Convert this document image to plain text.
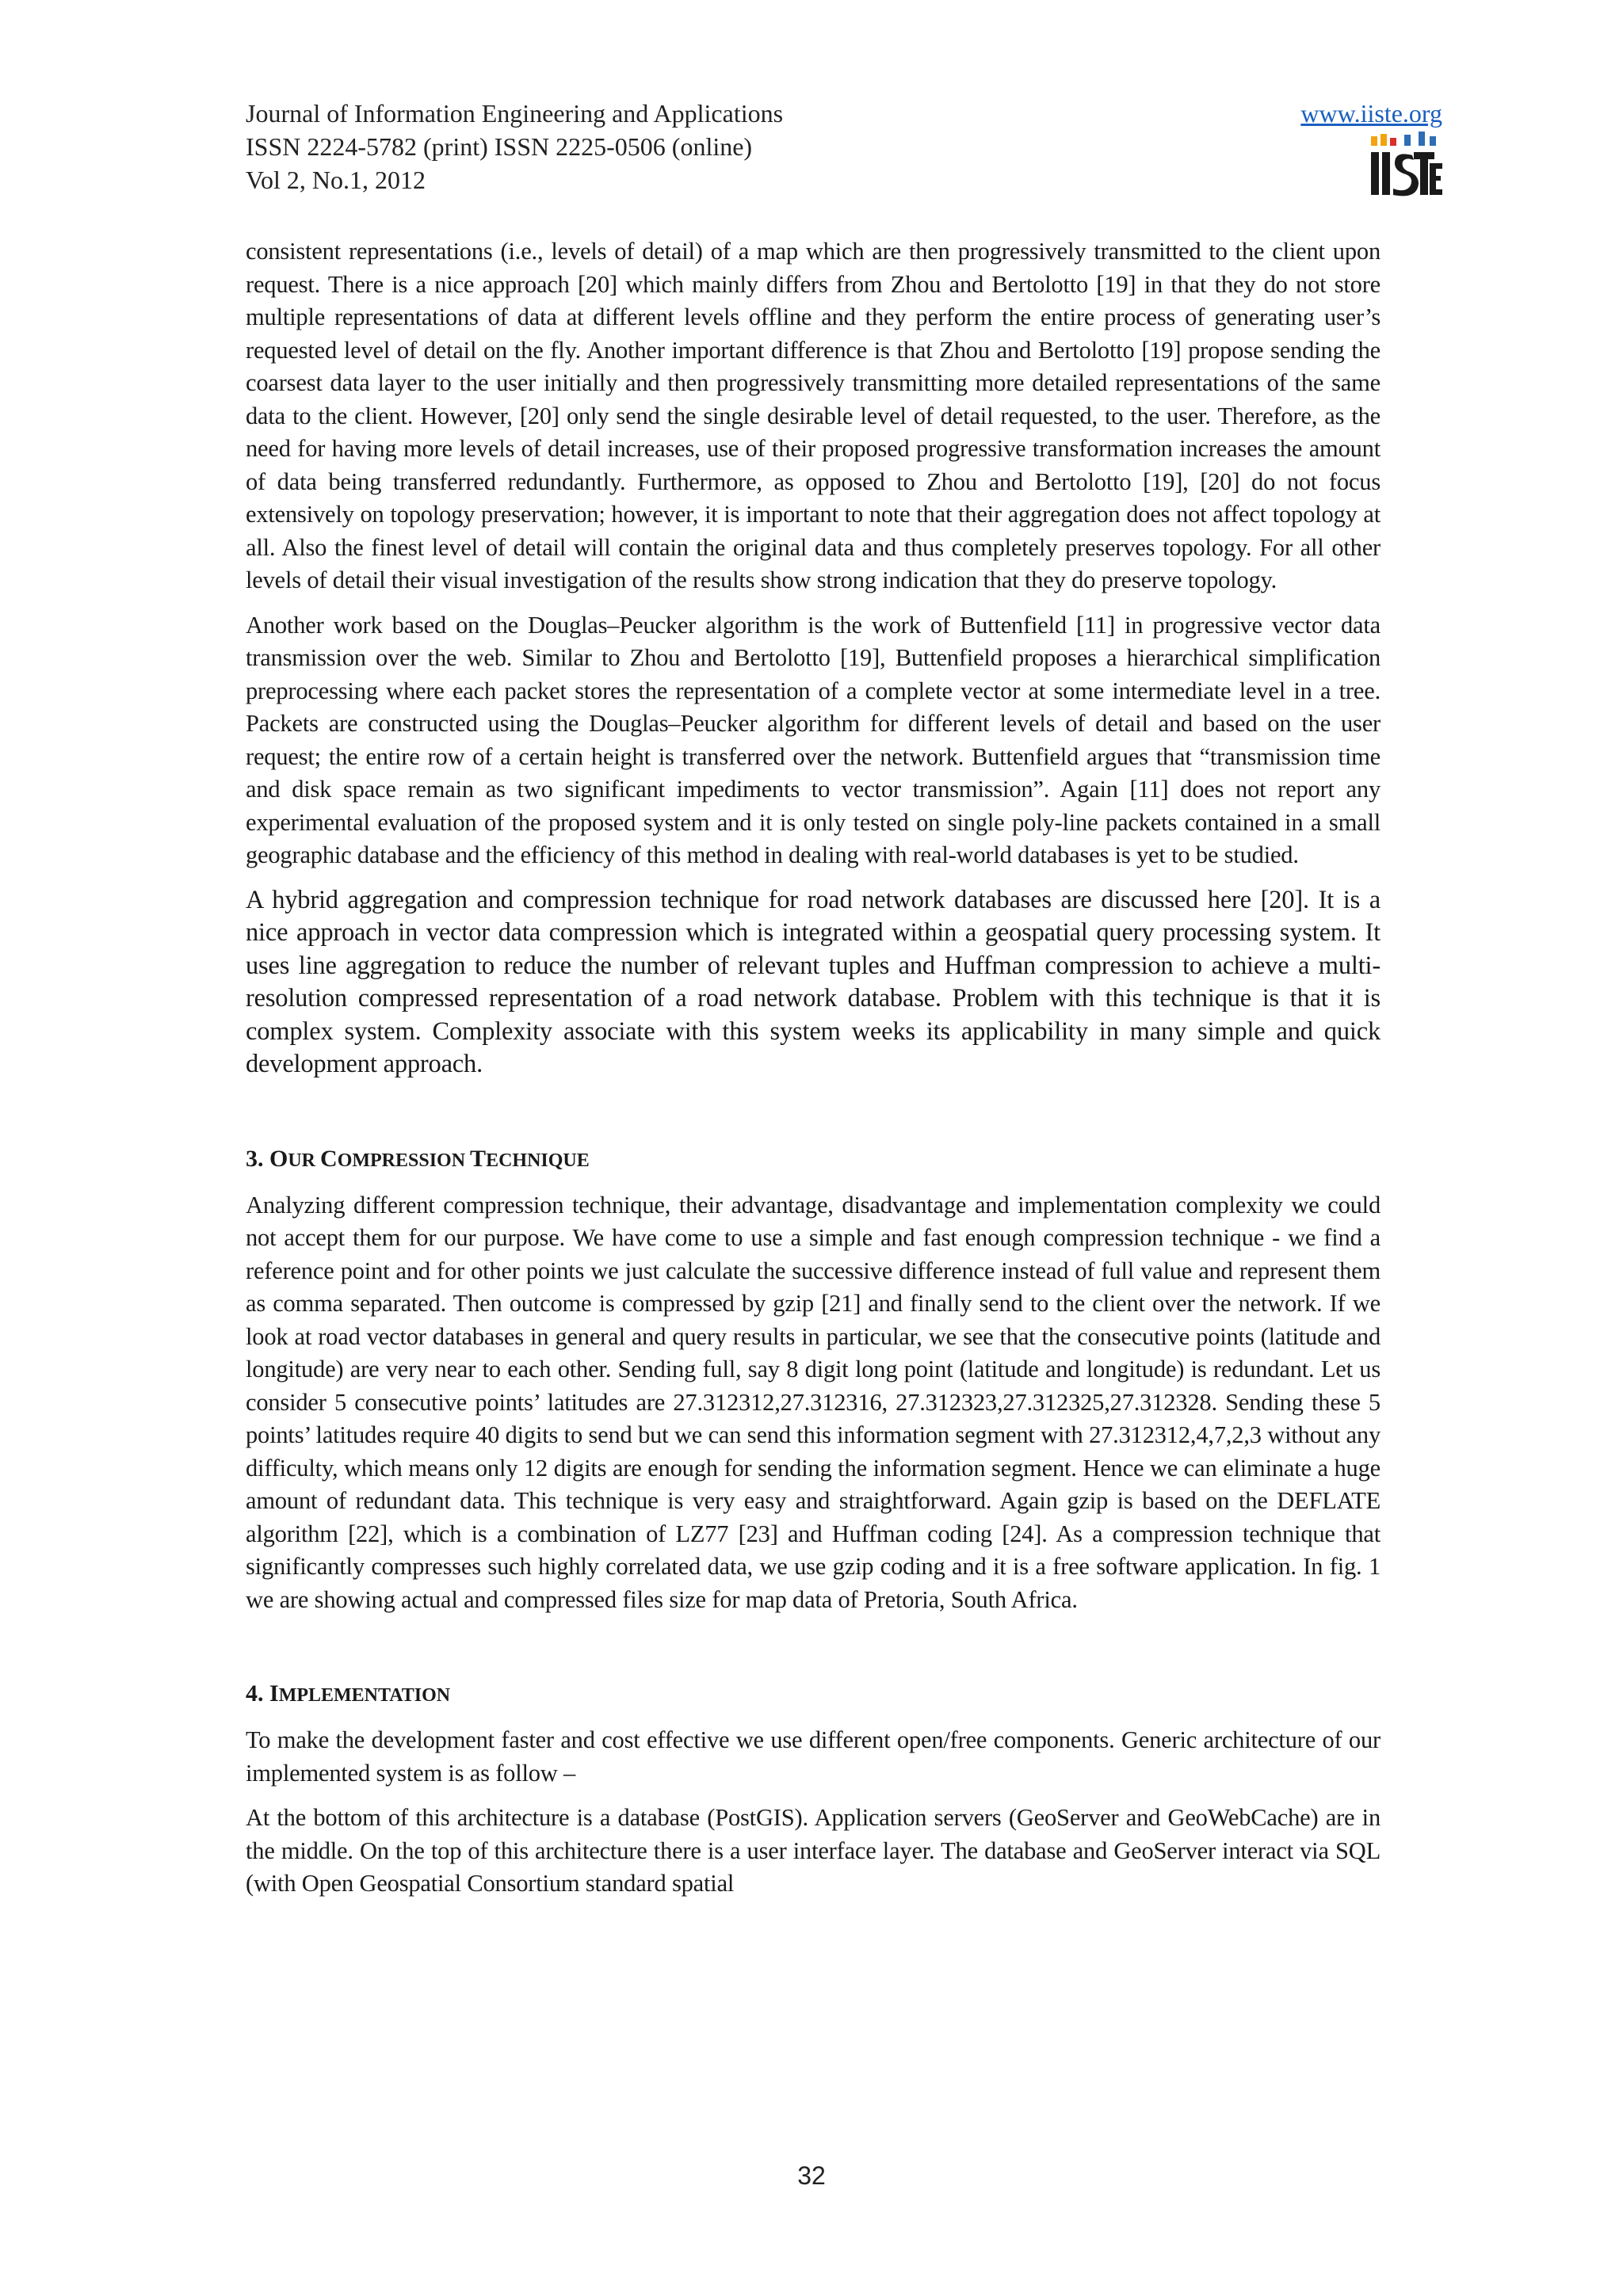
Journal of Information Engineering and Applications
ISSN 2224-5782 (print) ISSN 2225-0506 (online)
Vol 2, No.1, 2012
www.iiste.org

consistent representations (i.e., levels of detail) of a map which are then progressively transmitted to the client upon request. There is a nice approach [20] which mainly differs from Zhou and Bertolotto [19] in that they do not store multiple representations of data at different levels offline and they perform the entire process of generating user’s requested level of detail on the fly. Another important difference is that Zhou and Bertolotto [19] propose sending the coarsest data layer to the user initially and then progressively transmitting more detailed representations of the same data to the client. However, [20] only send the single desirable level of detail requested, to the user. Therefore, as the need for having more levels of detail increases, use of their proposed progressive transformation increases the amount of data being transferred redundantly. Furthermore, as opposed to Zhou and Bertolotto [19], [20] do not focus extensively on topology preservation; however, it is important to note that their aggregation does not affect topology at all. Also the finest level of detail will contain the original data and thus completely preserves topology. For all other levels of detail their visual investigation of the results show strong indication that they do preserve topology.

Another work based on the Douglas–Peucker algorithm is the work of Buttenfield [11] in progressive vector data transmission over the web. Similar to Zhou and Bertolotto [19], Buttenfield proposes a hierarchical simplification preprocessing where each packet stores the representation of a complete vector at some intermediate level in a tree. Packets are constructed using the Douglas–Peucker algorithm for different levels of detail and based on the user request; the entire row of a certain height is transferred over the network. Buttenfield argues that “transmission time and disk space remain as two significant impediments to vector transmission”. Again [11] does not report any experimental evaluation of the proposed system and it is only tested on single poly-line packets contained in a small geographic database and the efficiency of this method in dealing with real-world databases is yet to be studied.

A hybrid aggregation and compression technique for road network databases are discussed here [20]. It is a nice approach in vector data compression which is integrated within a geospatial query processing system. It uses line aggregation to reduce the number of relevant tuples and Huffman compression to achieve a multi-resolution compressed representation of a road network database. Problem with this technique is that it is complex system. Complexity associate with this system weeks its applicability in many simple and quick development approach.

3. OUR COMPRESSION TECHNIQUE

Analyzing different compression technique, their advantage, disadvantage and implementation complexity we could not accept them for our purpose. We have come to use a simple and fast enough compression technique - we find a reference point and for other points we just calculate the successive difference instead of full value and represent them as comma separated. Then outcome is compressed by gzip [21] and finally send to the client over the network. If we look at road vector databases in general and query results in particular, we see that the consecutive points (latitude and longitude) are very near to each other. Sending full, say 8 digit long point (latitude and longitude) is redundant. Let us consider 5 consecutive points’ latitudes are 27.312312,27.312316, 27.312323,27.312325,27.312328. Sending these 5 points’ latitudes require 40 digits to send but we can send this information segment with 27.312312,4,7,2,3 without any difficulty, which means only 12 digits are enough for sending the information segment. Hence we can eliminate a huge amount of redundant data. This technique is very easy and straightforward. Again gzip is based on the DEFLATE algorithm [22], which is a combination of LZ77 [23] and Huffman coding [24]. As a compression technique that significantly compresses such highly correlated data, we use gzip coding and it is a free software application. In fig. 1 we are showing actual and compressed files size for map data of Pretoria, South Africa.

4. IMPLEMENTATION

To make the development faster and cost effective we use different open/free components. Generic architecture of our implemented system is as follow –

At the bottom of this architecture is a database (PostGIS). Application servers (GeoServer and GeoWebCache) are in the middle. On the top of this architecture there is a user interface layer. The database and GeoServer interact via SQL (with Open Geospatial Consortium standard spatial

32
